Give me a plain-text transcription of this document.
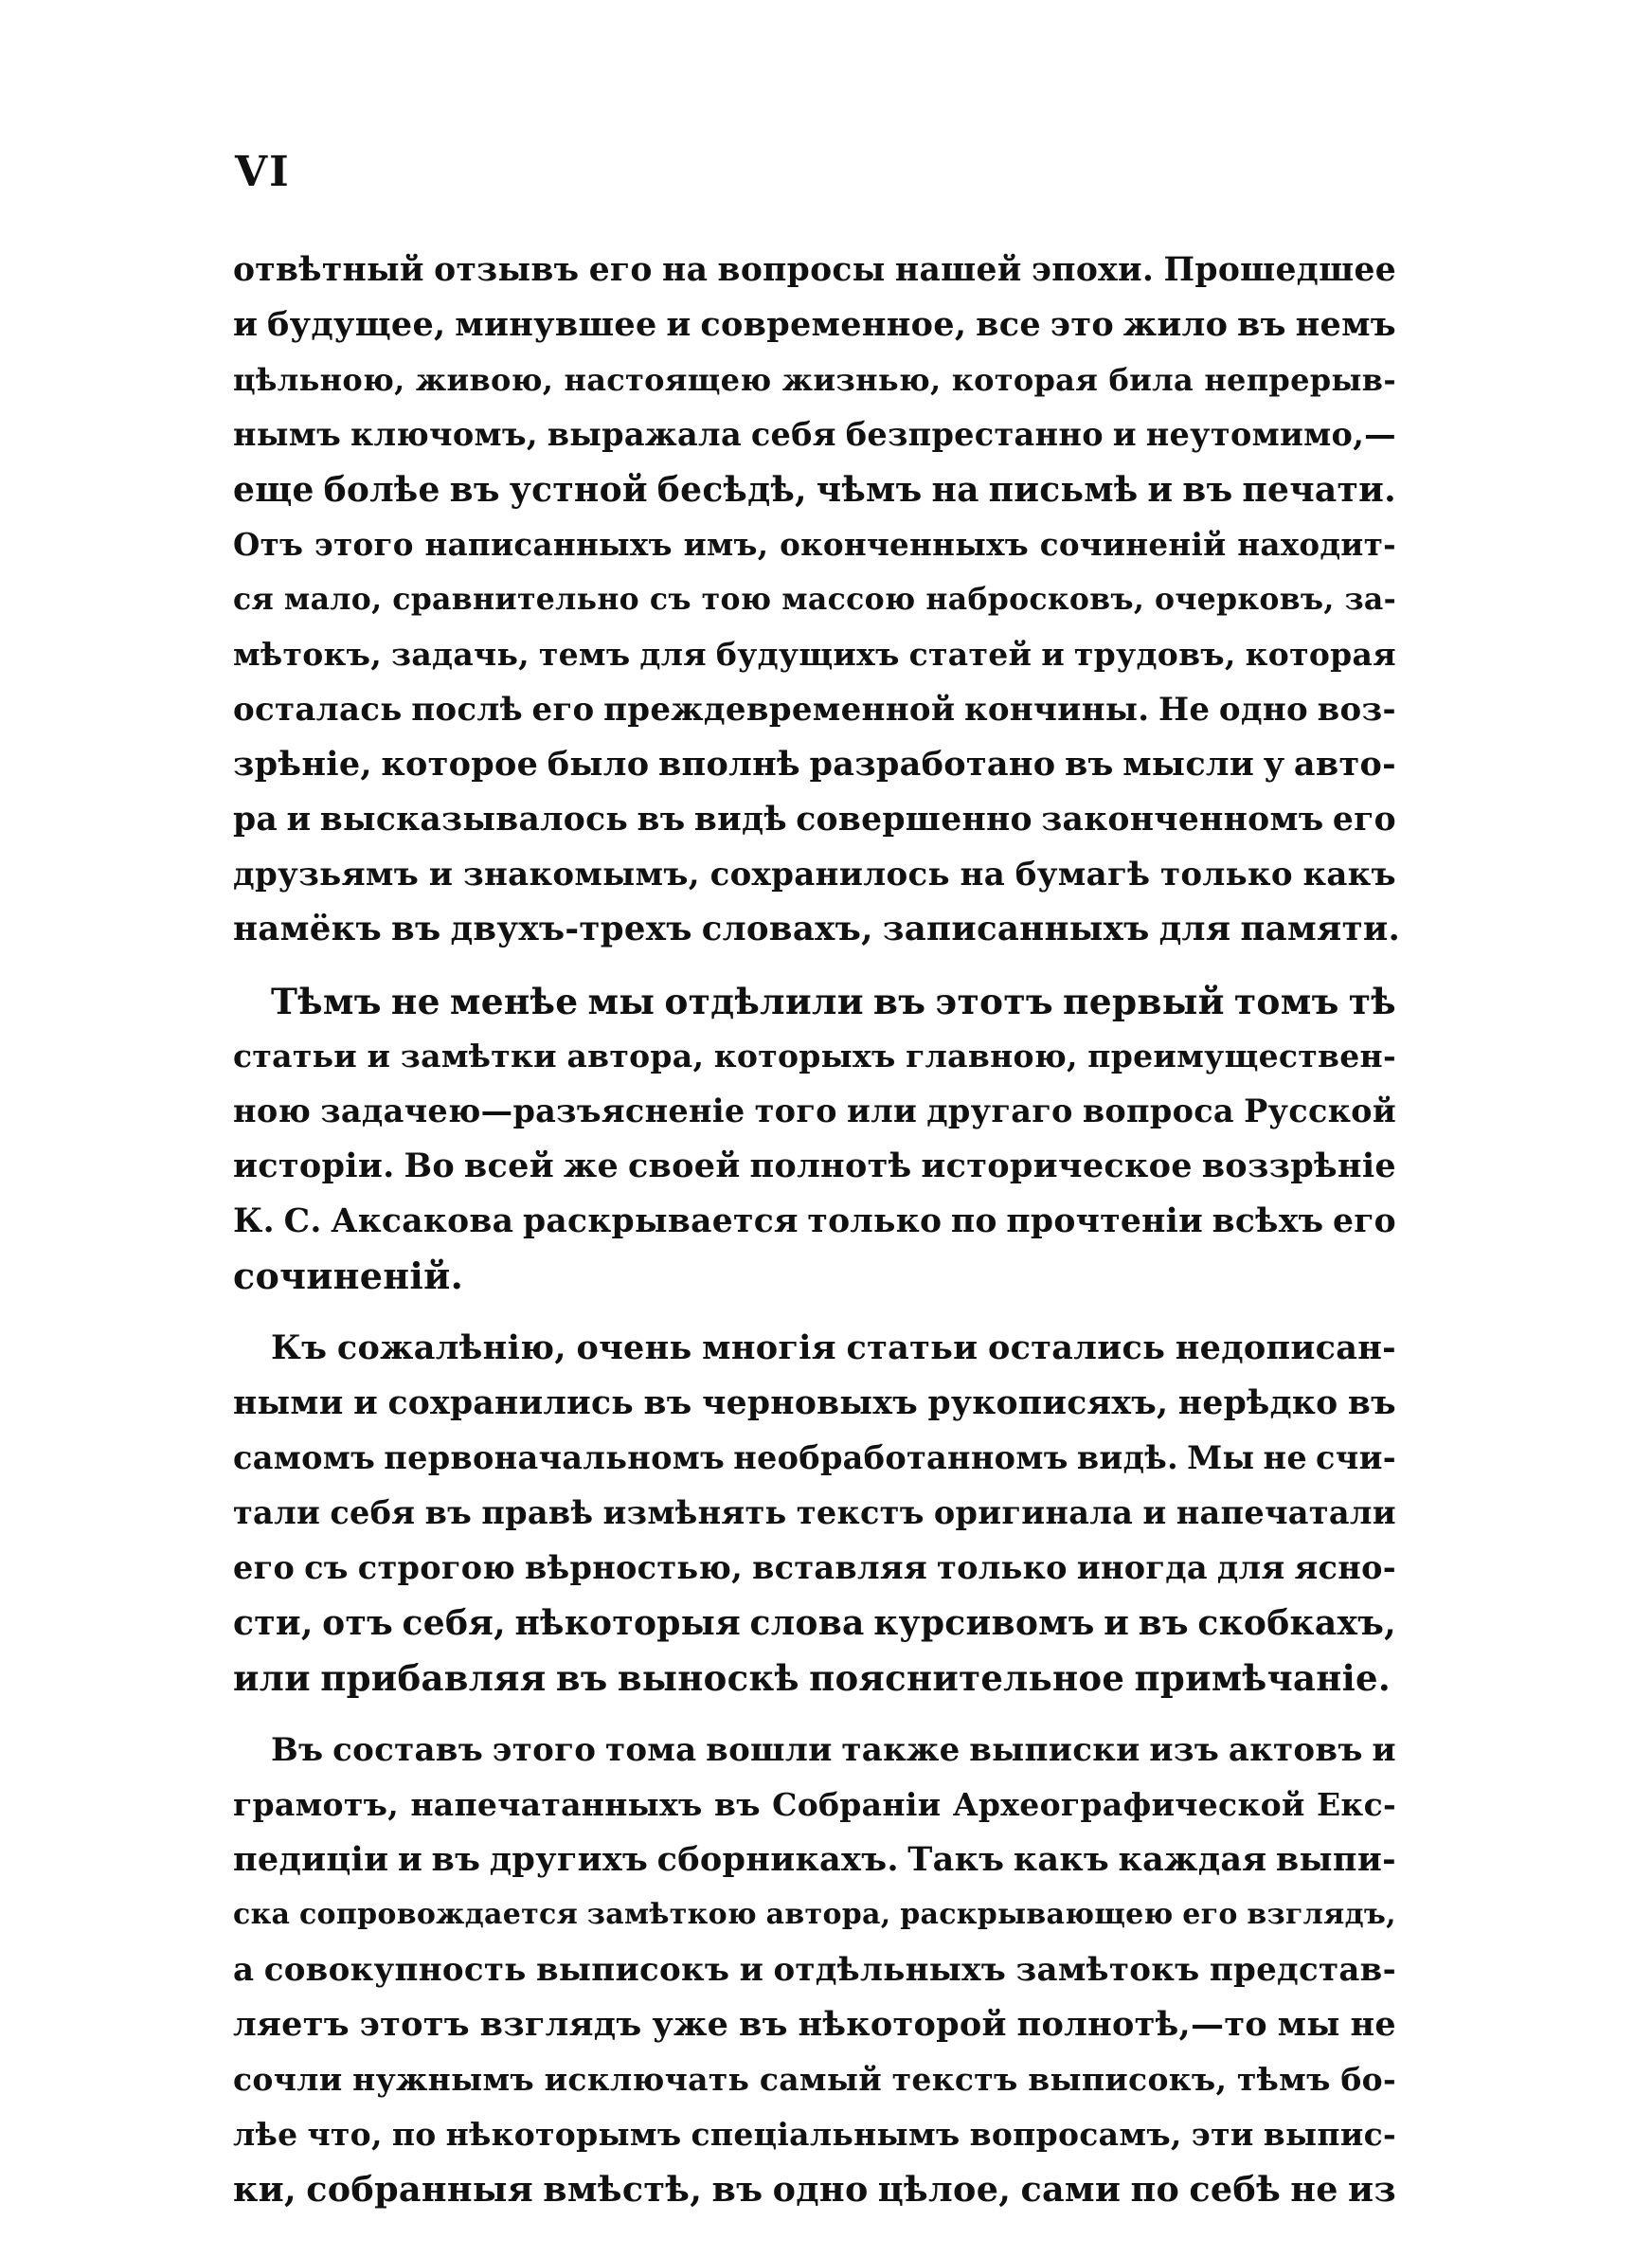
VI
отвѣтный отзывъ его на вопросы нашей эпохи. Прошедшее
и будущее, минувшее и современное, все это жило въ немъ
цѣльною, живою, настоящею жизнью, которая била непрерыв-
нымъ ключомъ, выражала себя безпрестанно и неутомимо,—
еще болѣе въ устной бесѣдѣ, чѣмъ на письмѣ и въ печати.
Отъ этого написанныхъ имъ, оконченныхъ сочиненій находит-
ся мало, сравнительно съ тою массою набросковъ, очерковъ, за-
мѣтокъ, задачь, темъ для будущихъ статей и трудовъ, которая
осталась послѣ его преждевременной кончины. Не одно воз-
зрѣніе, которое было вполнѣ разработано въ мысли у авто-
ра и высказывалось въ видѣ совершенно законченномъ его
друзьямъ и знакомымъ, сохранилось на бумагѣ только какъ
намёкъ въ двухъ-трехъ словахъ, записанныхъ для памяти.
Тѣмъ не менѣе мы отдѣлили въ этотъ первый томъ тѣ
статьи и замѣтки автора, которыхъ главною, преимуществен-
ною задачею—разъясненіе того или другаго вопроса Русской
исторіи. Во всей же своей полнотѣ историческое воззрѣніе
К. С. Аксакова раскрывается только по прочтеніи всѣхъ его
сочиненій.
Къ сожалѣнію, очень многія статьи остались недописан-
ными и сохранились въ черновыхъ рукописяхъ, нерѣдко въ
самомъ первоначальномъ необработанномъ видѣ. Мы не счи-
тали себя въ правѣ измѣнять текстъ оригинала и напечатали
его съ строгою вѣрностью, вставляя только иногда для ясно-
сти, отъ себя, нѣкоторыя слова курсивомъ и въ скобкахъ,
или прибавляя въ выноскѣ пояснительное примѣчаніе.
Въ составъ этого тома вошли также выписки изъ актовъ и
грамотъ, напечатанныхъ въ Собраніи Археографической Екс-
педиціи и въ другихъ сборникахъ. Такъ какъ каждая выпи-
ска сопровождается замѣткою автора, раскрывающею его взглядъ,
а совокупность выписокъ и отдѣльныхъ замѣтокъ представ-
ляетъ этотъ взглядъ уже въ нѣкоторой полнотѣ,—то мы не
сочли нужнымъ исключать самый текстъ выписокъ, тѣмъ бо-
лѣе что, по нѣкоторымъ спеціальнымъ вопросамъ, эти выпис-
ки, собранныя вмѣстѣ, въ одно цѣлое, сами по себѣ не из
